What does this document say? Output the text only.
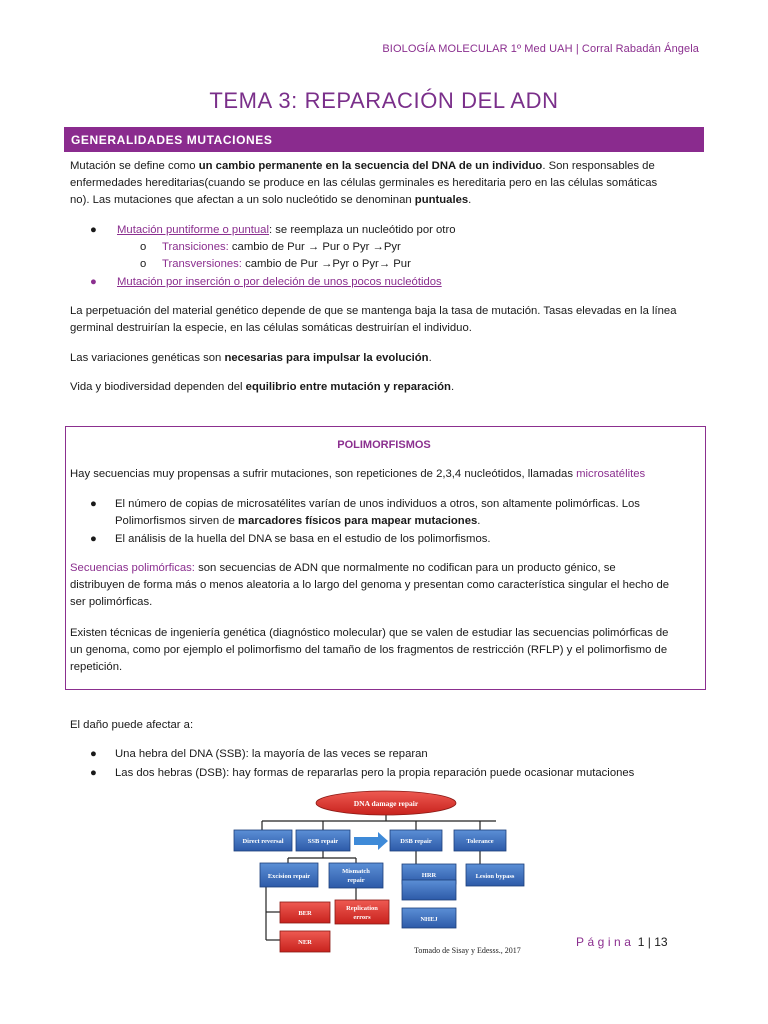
BIOLOGÍA MOLECULAR 1º Med UAH | Corral Rabadán Ángela
TEMA 3: REPARACIÓN DEL ADN
GENERALIDADES MUTACIONES
Mutación se define como un cambio permanente en la secuencia del DNA de un individuo. Son responsables de
enfermedades hereditarias(cuando se produce en las células germinales es hereditaria pero en las células somáticas
no). Las mutaciones que afectan a un solo nucleótido se denominan puntuales.
● Mutación puntiforme o puntual: se reemplaza un nucleótido por otro
o Transiciones: cambio de Pur → Pur o Pyr →Pyr
o Transversiones: cambio de Pur →Pyr o Pyr→ Pur
● Mutación por inserción o por deleción de unos pocos nucleótidos
La perpetuación del material genético depende de que se mantenga baja la tasa de mutación. Tasas elevadas en la línea
germinal destruirían la especie, en las células somáticas destruirían el individuo.
Las variaciones genéticas son necesarias para impulsar la evolución.
Vida y biodiversidad dependen del equilibrio entre mutación y reparación.
POLIMORFISMOS
Hay secuencias muy propensas a sufrir mutaciones, son repeticiones de 2,3,4 nucleótidos, llamadas microsatélites
● El número de copias de microsatélites varían de unos individuos a otros, son altamente polimórficas. Los
Polimorfismos sirven de marcadores físicos para mapear mutaciones.
● El análisis de la huella del DNA se basa en el estudio de los polimorfismos.
Secuencias polimórficas: son secuencias de ADN que normalmente no codifican para un producto génico, se
distribuyen de forma más o menos aleatoria a lo largo del genoma y presentan como característica singular el hecho de
ser polimórficas.
Existen técnicas de ingeniería genética (diagnóstico molecular) que se valen de estudiar las secuencias polimórficas de
un genoma, como por ejemplo el polimorfismo del tamaño de los fragmentos de restricción (RFLP) y el polimorfismo de
repetición.
El daño puede afectar a:
● Una hebra del DNA (SSB): la mayoría de las veces se reparan
● Las dos hebras (DSB): hay formas de repararlas pero la propia reparación puede ocasionar mutaciones
DNA damage repair
Direct reversal	SSB repair	DSB repair	Tolerance
Excision repair
Mismatch
repair
HRR	Lesion bypass
BER
Replication
errors	NHEJ
NER
Tomado de Sisay y Edesss., 2017
Página 1 | 13
